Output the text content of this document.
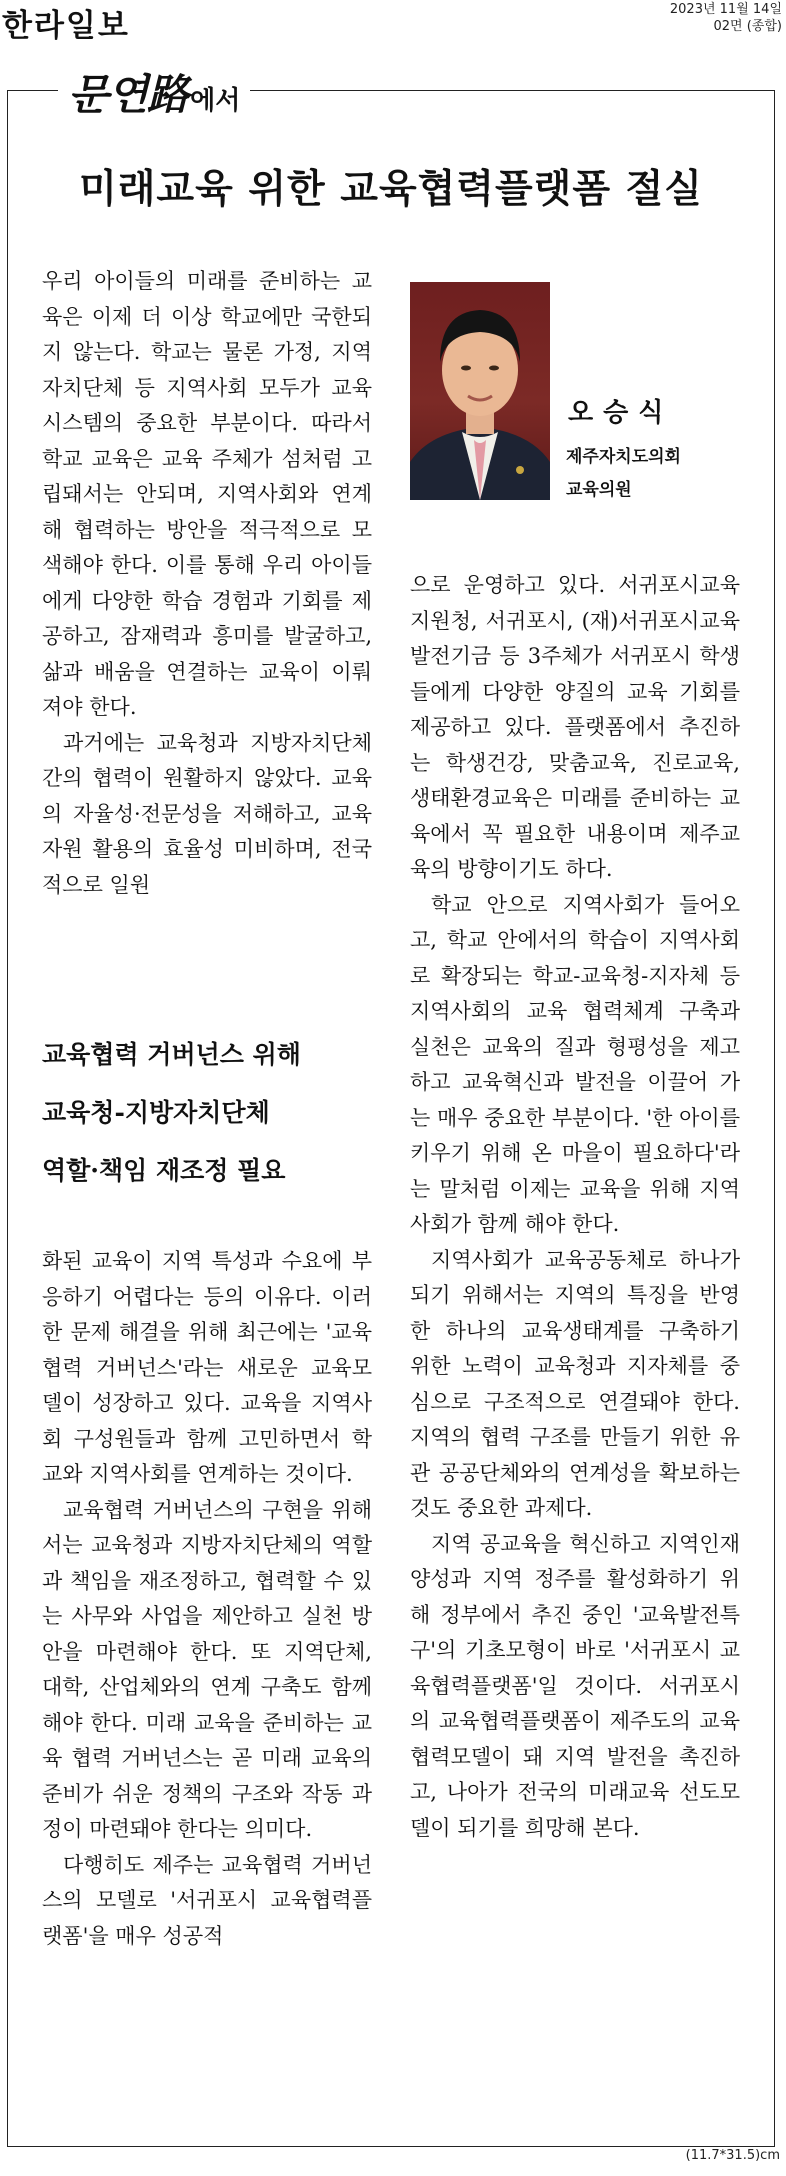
한라일보	2023년 11월 14일
02면 (종합)
문연路에서
미래교육 위한 교육협력플랫폼 절실
오승식
제주자치도의회
교육의원

우리 아이들의 미래를 준비하는 교육은 이제 더 이상 학교에만 국한되지 않는다. 학교는 물론 가정, 지역자치단체 등 지역사회 모두가 교육시스템의 중요한 부분이다. 따라서 학교 교육은 교육 주체가 섬처럼 고립돼서는 안되며, 지역사회와 연계해 협력하는 방안을 적극적으로 모색해야 한다. 이를 통해 우리 아이들에게 다양한 학습 경험과 기회를 제공하고, 잠재력과 흥미를 발굴하고, 삶과 배움을 연결하는 교육이 이뤄져야 한다.

과거에는 교육청과 지방자치단체간의 협력이 원활하지 않았다. 교육의 자율성·전문성을 저해하고, 교육자원 활용의 효율성 미비하며, 전국적으로 일원

교육협력 거버넌스 위해
교육청-지방자치단체
역할·책임 재조정 필요

화된 교육이 지역 특성과 수요에 부응하기 어렵다는 등의 이유다. 이러한 문제 해결을 위해 최근에는 '교육협력 거버넌스'라는 새로운 교육모델이 성장하고 있다. 교육을 지역사회 구성원들과 함께 고민하면서 학교와 지역사회를 연계하는 것이다.

교육협력 거버넌스의 구현을 위해서는 교육청과 지방자치단체의 역할과 책임을 재조정하고, 협력할 수 있는 사무와 사업을 제안하고 실천 방안을 마련해야 한다. 또 지역단체, 대학, 산업체와의 연계 구축도 함께 해야 한다. 미래 교육을 준비하는 교육 협력 거버넌스는 곧 미래 교육의 준비가 쉬운 정책의 구조와 작동 과정이 마련돼야 한다는 의미다.

다행히도 제주는 교육협력 거버넌스의 모델로 '서귀포시 교육협력플랫폼'을 매우 성공적

으로 운영하고 있다. 서귀포시교육지원청, 서귀포시, (재)서귀포시교육발전기금 등 3주체가 서귀포시 학생들에게 다양한 양질의 교육 기회를 제공하고 있다. 플랫폼에서 추진하는 학생건강, 맞춤교육, 진로교육, 생태환경교육은 미래를 준비하는 교육에서 꼭 필요한 내용이며 제주교육의 방향이기도 하다.

학교 안으로 지역사회가 들어오고, 학교 안에서의 학습이 지역사회로 확장되는 학교-교육청-지자체 등 지역사회의 교육 협력체계 구축과 실천은 교육의 질과 형평성을 제고하고 교육혁신과 발전을 이끌어 가는 매우 중요한 부분이다. '한 아이를 키우기 위해 온 마을이 필요하다'라는 말처럼 이제는 교육을 위해 지역사회가 함께 해야 한다.

지역사회가 교육공동체로 하나가 되기 위해서는 지역의 특징을 반영한 하나의 교육생태계를 구축하기 위한 노력이 교육청과 지자체를 중심으로 구조적으로 연결돼야 한다. 지역의 협력 구조를 만들기 위한 유관 공공단체와의 연계성을 확보하는 것도 중요한 과제다.

지역 공교육을 혁신하고 지역인재 양성과 지역 정주를 활성화하기 위해 정부에서 추진 중인 '교육발전특구'의 기초모형이 바로 '서귀포시 교육협력플랫폼'일 것이다. 서귀포시의 교육협력플랫폼이 제주도의 교육협력모델이 돼 지역 발전을 촉진하고, 나아가 전국의 미래교육 선도모델이 되기를 희망해 본다.

(11.7*31.5)cm
